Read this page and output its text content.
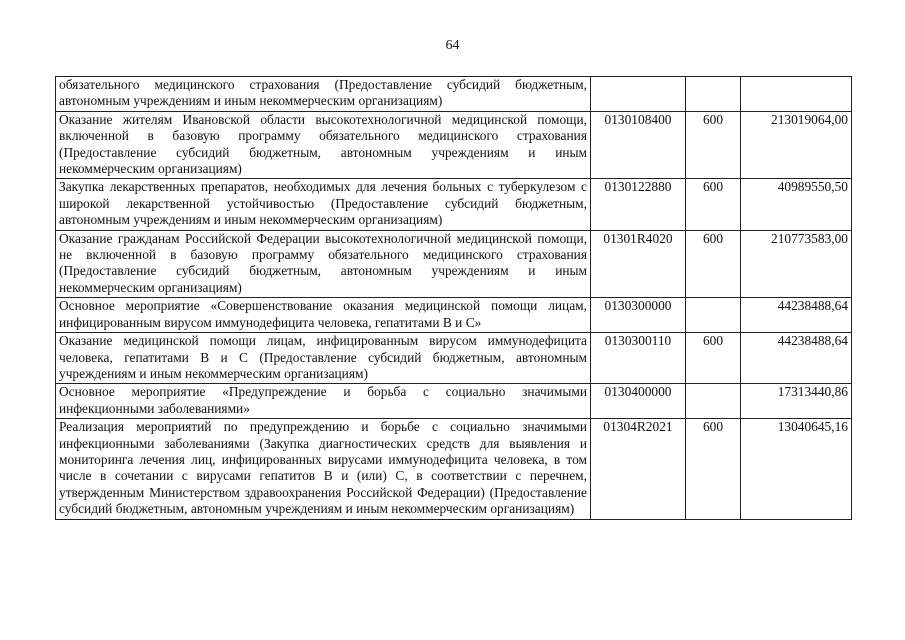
64
обязательного медицинского страхования (Предоставление субсидий бюджетным, автономным учреждениям и иным некоммерческим организациям)			
Оказание жителям Ивановской области высокотехнологичной медицинской помощи, включенной в базовую программу обязательного медицинского страхования (Предоставление субсидий бюджетным, автономным учреждениям и иным некоммерческим организациям)	0130108400	600	213019064,00
Закупка лекарственных препаратов, необходимых для лечения больных с туберкулезом с широкой лекарственной устойчивостью (Предоставление субсидий бюджетным, автономным учреждениям и иным некоммерческим организациям)	0130122880	600	40989550,50
Оказание гражданам Российской Федерации высокотехнологичной медицинской помощи, не включенной в базовую программу обязательного медицинского страхования (Предоставление субсидий бюджетным, автономным учреждениям и иным некоммерческим организациям)	01301R4020	600	210773583,00
Основное мероприятие «Совершенствование оказания медицинской помощи лицам, инфицированным вирусом иммунодефицита человека, гепатитами В и С»	0130300000		44238488,64
Оказание медицинской помощи лицам, инфицированным вирусом иммунодефицита человека, гепатитами В и С (Предоставление субсидий бюджетным, автономным учреждениям и иным некоммерческим организациям)	0130300110	600	44238488,64
Основное мероприятие «Предупреждение и борьба с социально значимыми инфекционными заболеваниями»	0130400000		17313440,86
Реализация мероприятий по предупреждению и борьбе с социально значимыми инфекционными заболеваниями (Закупка диагностических средств для выявления и мониторинга лечения лиц, инфицированных вирусами иммунодефицита человека, в том числе в сочетании с вирусами гепатитов В и (или) С, в соответствии с перечнем, утвержденным Министерством здравоохранения Российской Федерации) (Предоставление субсидий бюджетным, автономным учреждениям и иным некоммерческим организациям)	01304R2021	600	13040645,16
